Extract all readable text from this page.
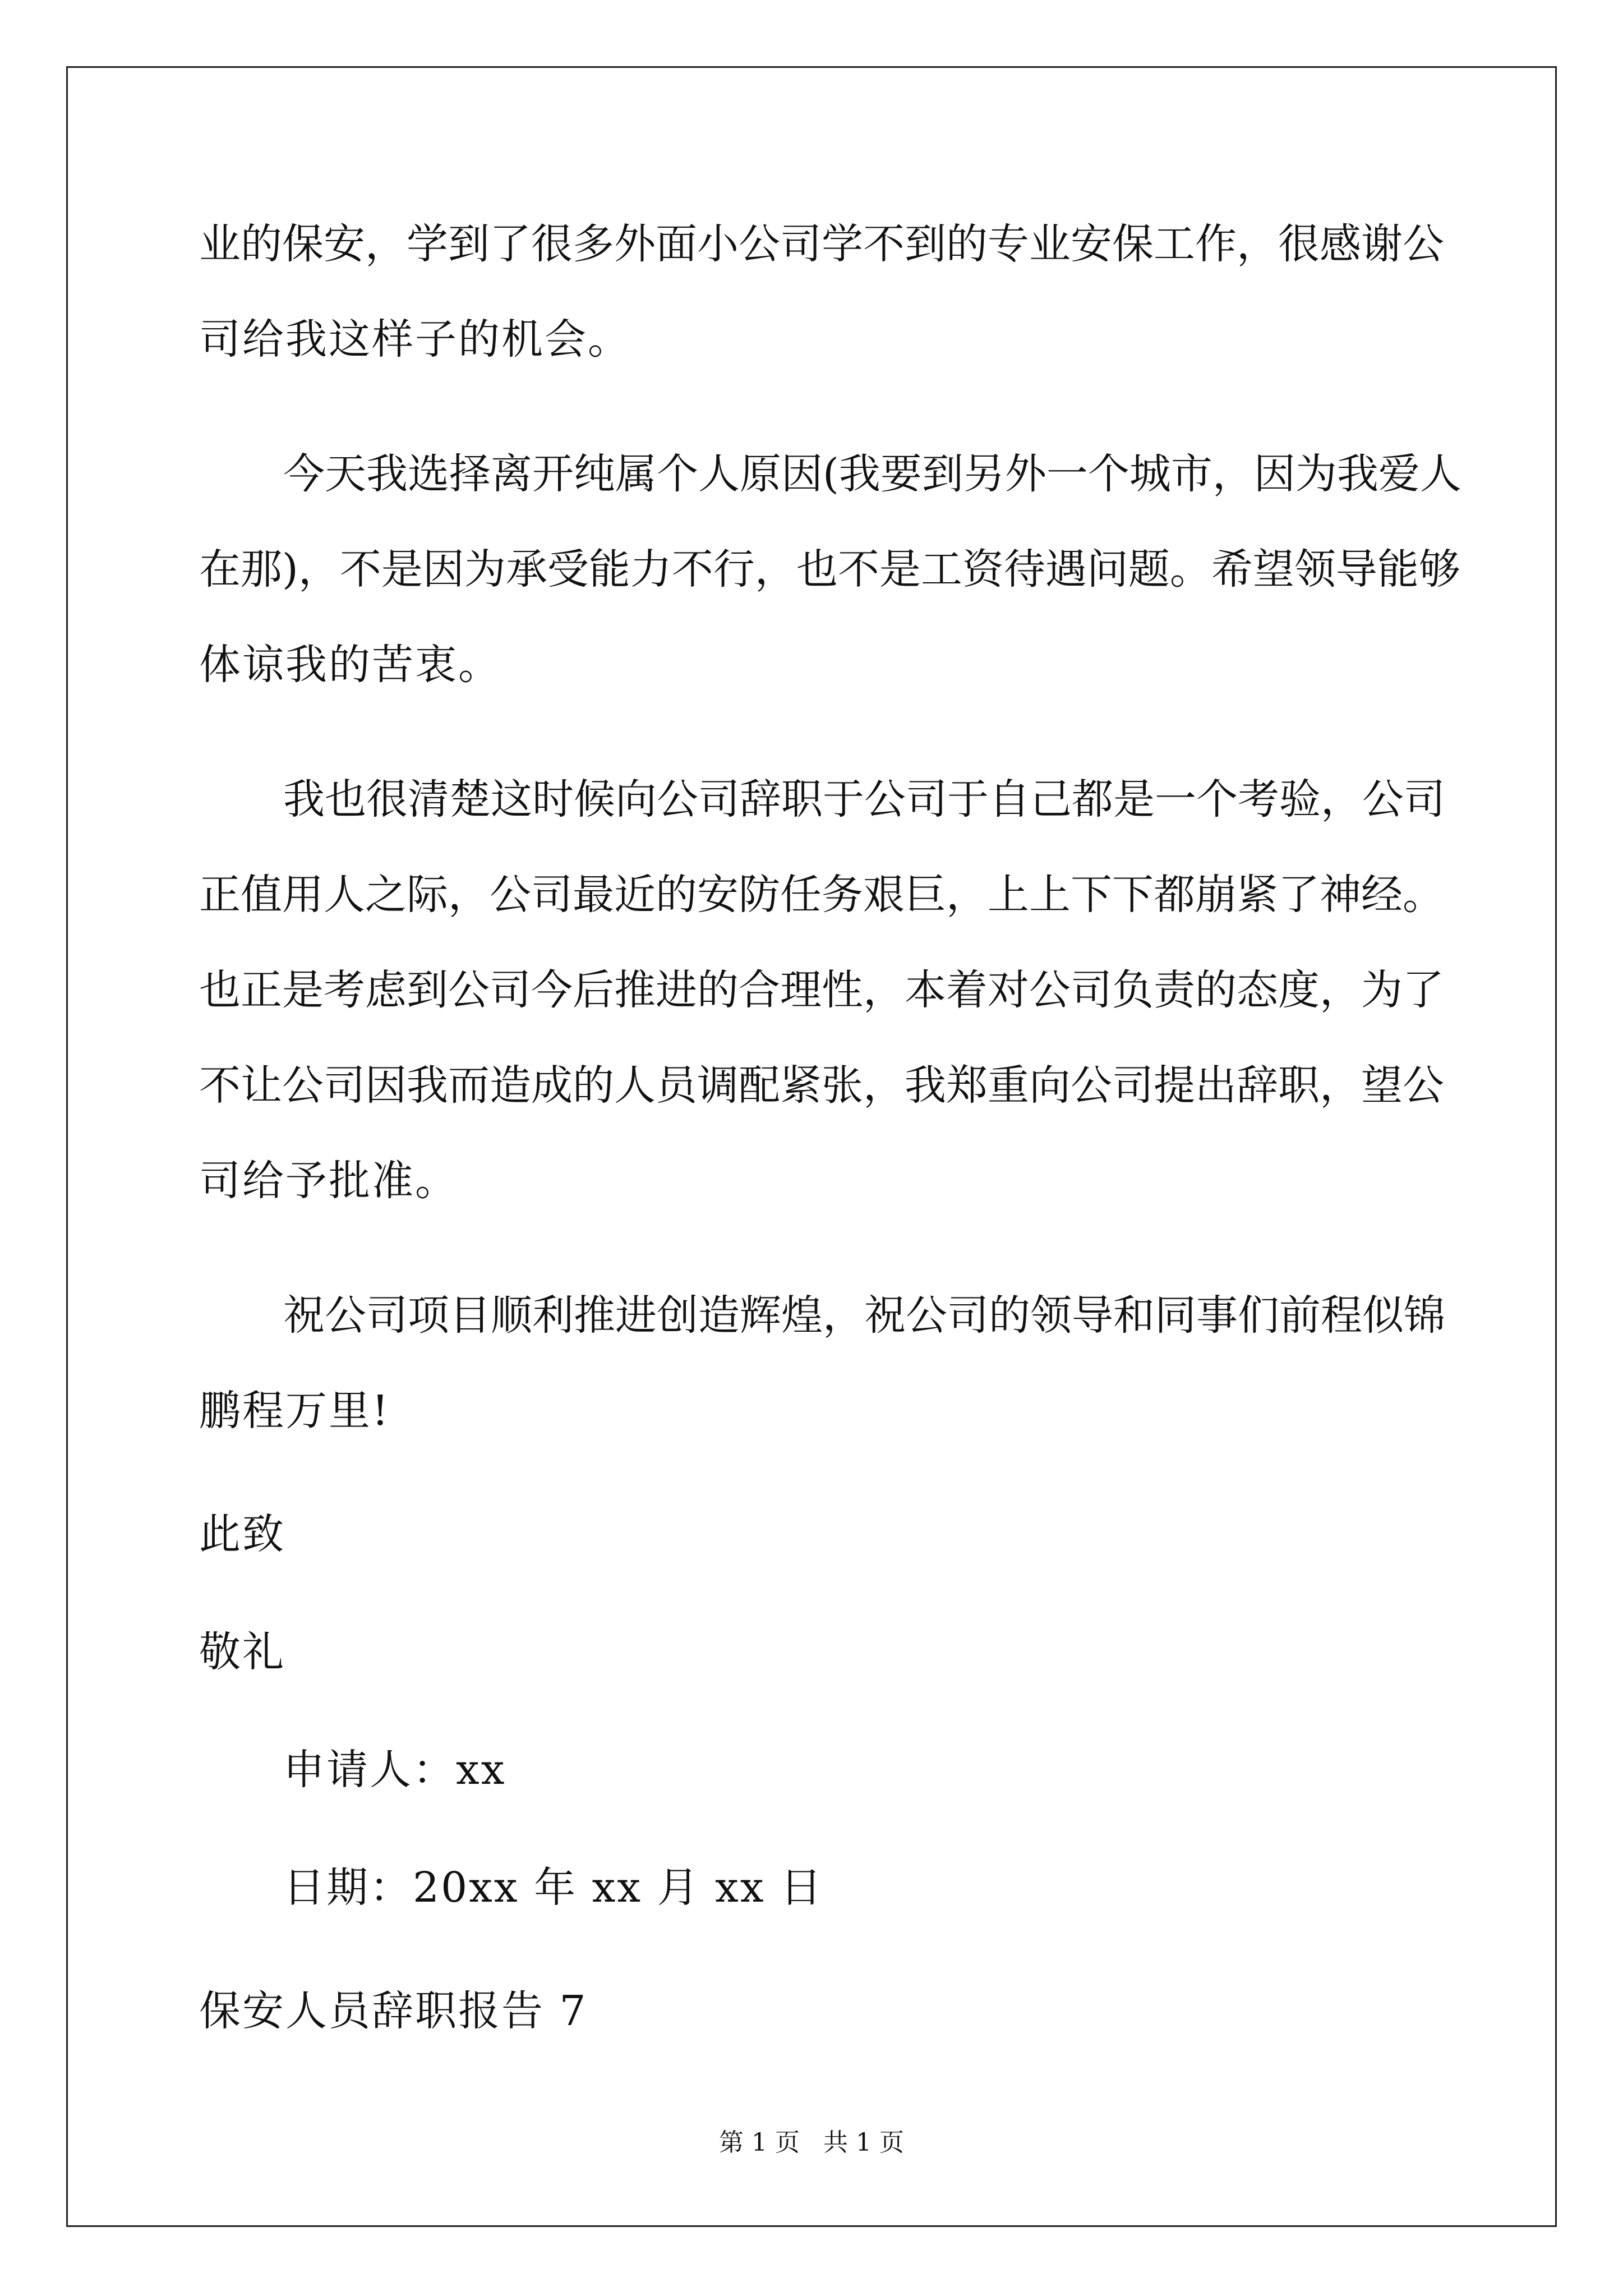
业的保安，学到了很多外面小公司学不到的专业安保工作，很感谢公
司给我这样子的机会。
今天我选择离开纯属个人原因(我要到另外一个城市，因为我爱人
在那)，不是因为承受能力不行，也不是工资待遇问题。希望领导能够
体谅我的苦衷。
我也很清楚这时候向公司辞职于公司于自己都是一个考验，公司
正值用人之际，公司最近的安防任务艰巨，上上下下都崩紧了神经。
也正是考虑到公司今后推进的合理性，本着对公司负责的态度，为了
不让公司因我而造成的人员调配紧张，我郑重向公司提出辞职，望公
司给予批准。
祝公司项目顺利推进创造辉煌，祝公司的领导和同事们前程似锦
鹏程万里!
此致
敬礼
申请人：xx
日期：20xx 年 xx 月 xx 日
保安人员辞职报告 7
第 1 页 共 1 页
